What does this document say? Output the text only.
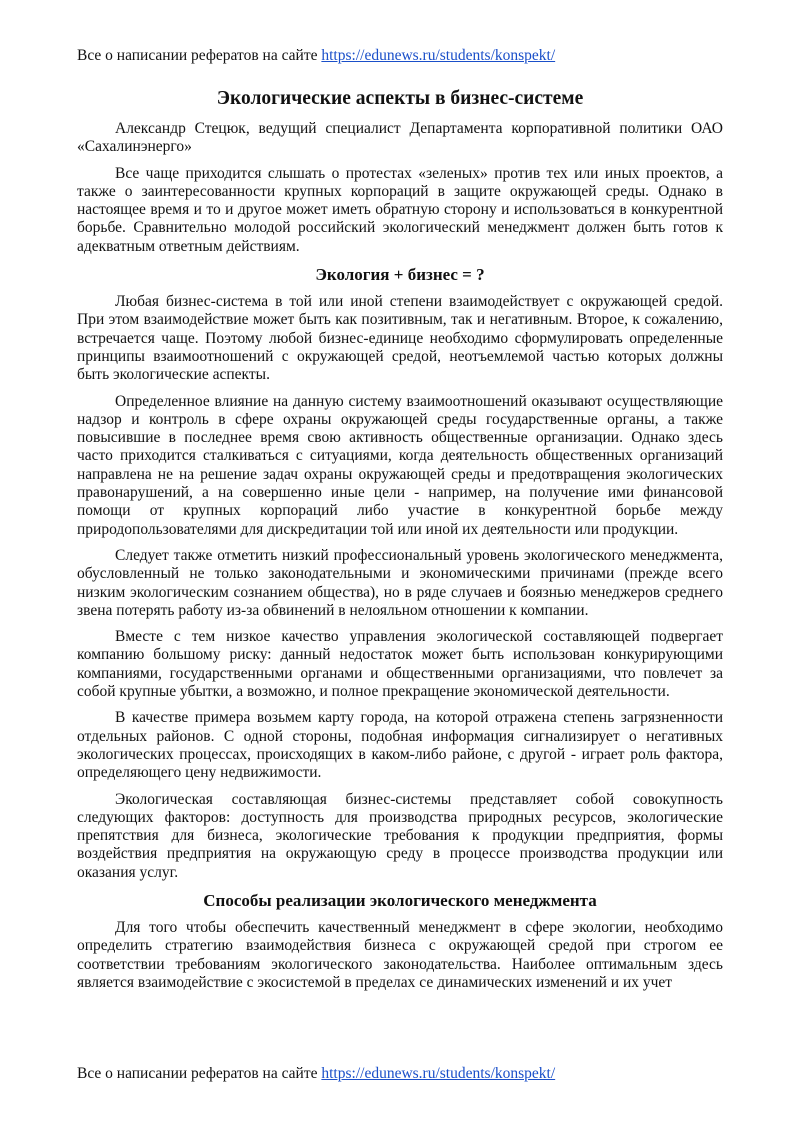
Все о написании рефератов на сайте https://edunews.ru/students/konspekt/
Экологические аспекты в бизнес-системе

Александр Стецюк, ведущий специалист Департамента корпоративной политики ОАО «Сахалинэнерго»

Все чаще приходится слышать о протестах «зеленых» против тех или иных проектов, а также о заинтересованности крупных корпораций в защите окружающей среды. Однако в настоящее время и то и другое может иметь обратную сторону и использоваться в конкурентной борьбе. Сравнительно молодой российский экологический менеджмент должен быть готов к адекватным ответным действиям.

Экология + бизнес = ?

Любая бизнес-система в той или иной степени взаимодействует с окружающей средой. При этом взаимодействие может быть как позитивным, так и негативным. Второе, к сожалению, встречается чаще. Поэтому любой бизнес-единице необходимо сформулировать определенные принципы взаимоотношений с окружающей средой, неотъемлемой частью которых должны быть экологические аспекты.

Определенное влияние на данную систему взаимоотношений оказывают осуществляющие надзор и контроль в сфере охраны окружающей среды государственные органы, а также повысившие в последнее время свою активность общественные организации. Однако здесь часто приходится сталкиваться с ситуациями, когда деятельность общественных организаций направлена не на решение задач охраны окружающей среды и предотвращения экологических правонарушений, а на совершенно иные цели - например, на получение ими финансовой помощи от крупных корпораций либо участие в конкурентной борьбе между природопользователями для дискредитации той или иной их деятельности или продукции.

Следует также отметить низкий профессиональный уровень экологического менеджмента, обусловленный не только законодательными и экономическими причинами (прежде всего низким экологическим сознанием общества), но в ряде случаев и боязнью менеджеров среднего звена потерять работу из-за обвинений в нелояльном отношении к компании.

Вместе с тем низкое качество управления экологической составляющей подвергает компанию большому риску: данный недостаток может быть использован конкурирующими компаниями, государственными органами и общественными организациями, что повлечет за собой крупные убытки, а возможно, и полное прекращение экономической деятельности.

В качестве примера возьмем карту города, на которой отражена степень загрязненности отдельных районов. С одной стороны, подобная информация сигнализирует о негативных экологических процессах, происходящих в каком-либо районе, с другой - играет роль фактора, определяющего цену недвижимости.

Экологическая составляющая бизнес-системы представляет собой совокупность следующих факторов: доступность для производства природных ресурсов, экологические препятствия для бизнеса, экологические требования к продукции предприятия, формы воздействия предприятия на окружающую среду в процессе производства продукции или оказания услуг.

Способы реализации экологического менеджмента

Для того чтобы обеспечить качественный менеджмент в сфере экологии, необходимо определить стратегию взаимодействия бизнеса с окружающей средой при строгом ее соответствии требованиям экологического законодательства. Наиболее оптимальным здесь является взаимодействие с экосистемой в пределах се динамических изменений и их учет

Все о написании рефератов на сайте https://edunews.ru/students/konspekt/
